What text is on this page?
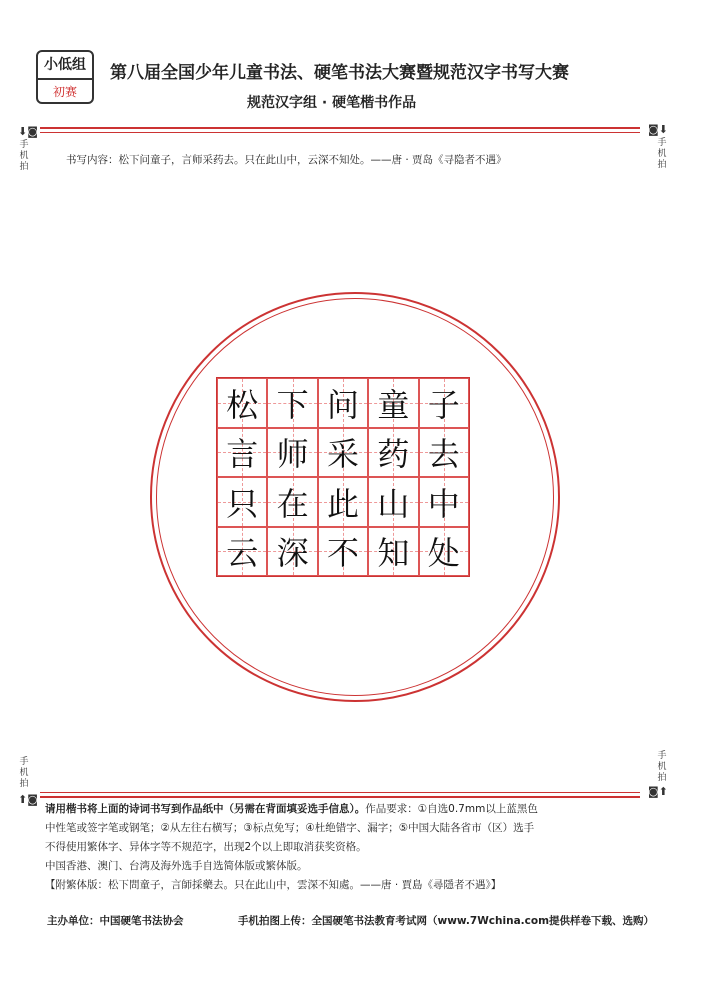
小低组
初赛
第八届全国少年儿童书法、硬笔书法大赛暨规范汉字书写大赛
规范汉字组 · 硬笔楷书作品
⬇◙	◙⬇
手机拍
手机拍
书写内容：松下问童子，言师采药去。只在此山中，云深不知处。——唐 · 贾岛《寻隐者不遇》
松 下 问 童 子
言 师 采 药 去
只 在 此 山 中
云 深 不 知 处
手机拍
手机拍
⬆◙
◙⬆
请用楷书将上面的诗词书写到作品纸中（另需在背面填妥选手信息）。作品要求：①自选0.7mm以上蓝黑色
中性笔或签字笔或钢笔；②从左往右横写；③标点免写；④杜绝错字、漏字；⑤中国大陆各省市（区）选手
不得使用繁体字、异体字等不规范字，出现2个以上即取消获奖资格。
中国香港、澳门、台湾及海外选手自选简体版或繁体版。
【附繁体版：松下問童子，言師採藥去。只在此山中，雲深不知處。——唐 · 賈島《尋隱者不遇》】
主办单位：中国硬笔书法协会	手机拍图上传：全国硬笔书法教育考试网（www.7Wchina.com提供样卷下载、选购）
